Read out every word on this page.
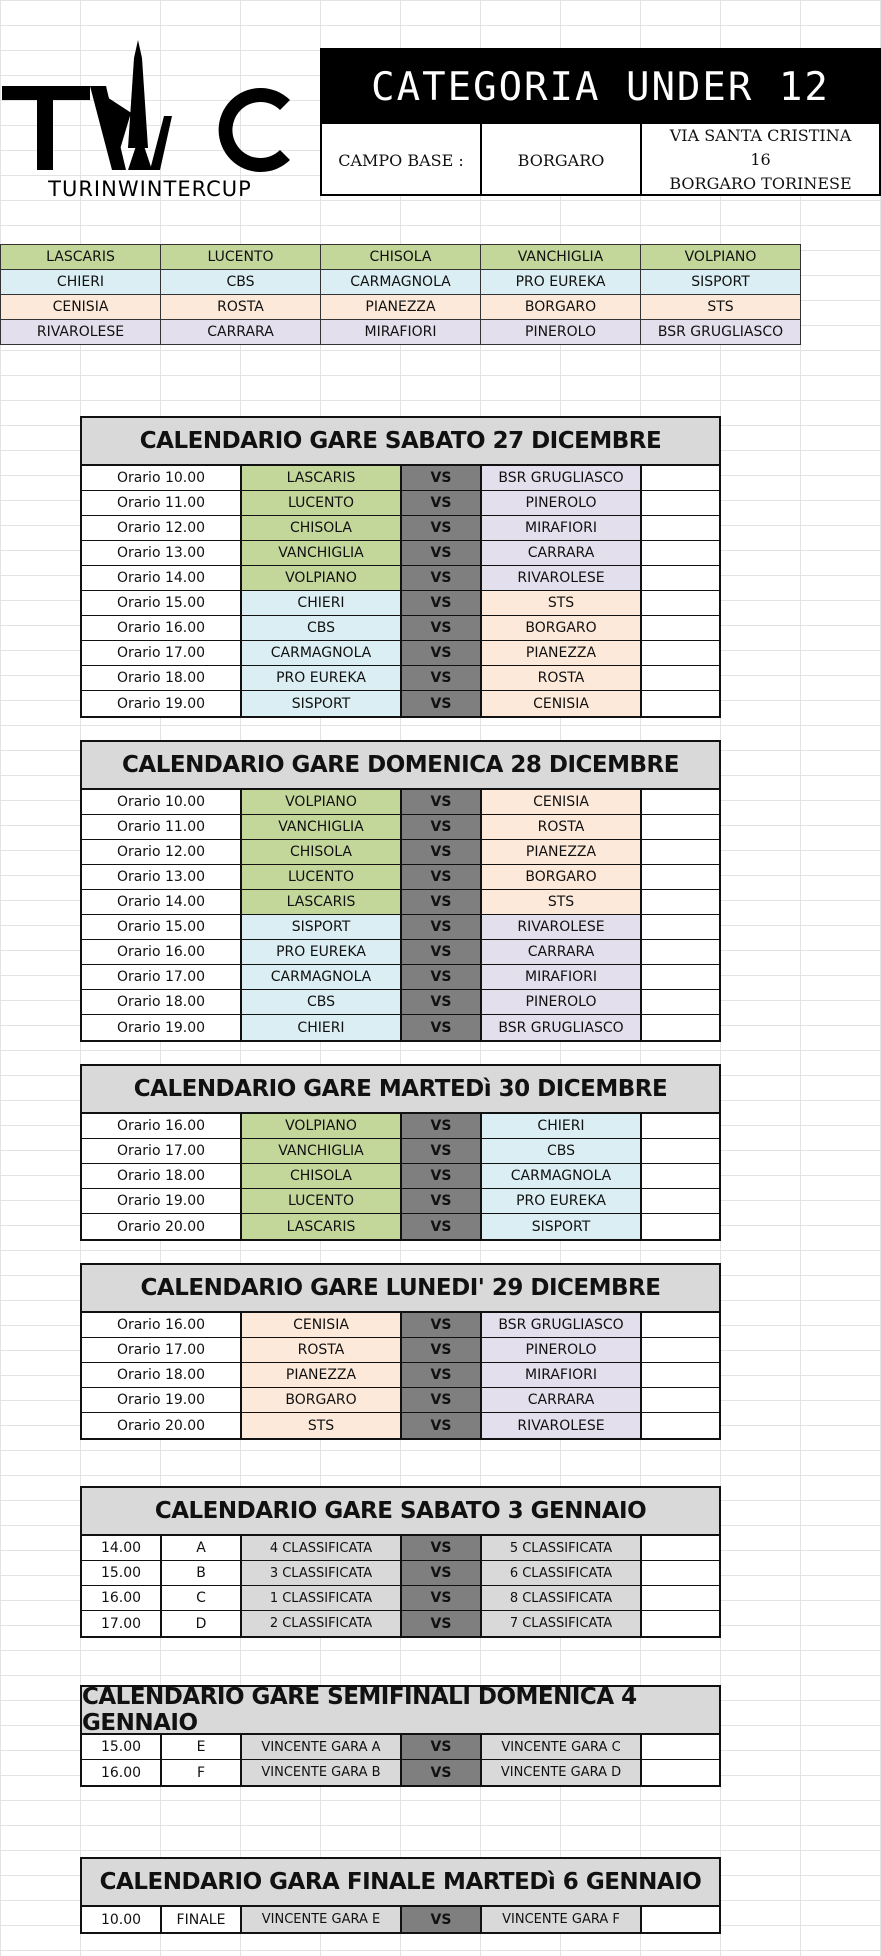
TURINWINTERCUP
CATEGORIA UNDER 12
CAMPO BASE :	BORGARO
VIA SANTA CRISTINA
16
BORGARO TORINESE
LASCARIS	LUCENTO	CHISOLA	VANCHIGLIA	VOLPIANO
CHIERI	CBS	CARMAGNOLA	PRO EUREKA	SISPORT
CENISIA	ROSTA	PIANEZZA	BORGARO	STS
RIVAROLESE	CARRARA	MIRAFIORI	PINEROLO	BSR GRUGLIASCO
CALENDARIO GARE SABATO 27 DICEMBRE
Orario 10.00	LASCARIS	VS	BSR GRUGLIASCO
Orario 11.00	LUCENTO	VS	PINEROLO
Orario 12.00	CHISOLA	VS	MIRAFIORI
Orario 13.00	VANCHIGLIA	VS	CARRARA
Orario 14.00	VOLPIANO	VS	RIVAROLESE
Orario 15.00	CHIERI	VS	STS
Orario 16.00	CBS	VS	BORGARO
Orario 17.00	CARMAGNOLA	VS	PIANEZZA
Orario 18.00	PRO EUREKA	VS	ROSTA
Orario 19.00	SISPORT	VS	CENISIA
CALENDARIO GARE DOMENICA 28 DICEMBRE
Orario 10.00	VOLPIANO	VS	CENISIA
Orario 11.00	VANCHIGLIA	VS	ROSTA
Orario 12.00	CHISOLA	VS	PIANEZZA
Orario 13.00	LUCENTO	VS	BORGARO
Orario 14.00	LASCARIS	VS	STS
Orario 15.00	SISPORT	VS	RIVAROLESE
Orario 16.00	PRO EUREKA	VS	CARRARA
Orario 17.00	CARMAGNOLA	VS	MIRAFIORI
Orario 18.00	CBS	VS	PINEROLO
Orario 19.00	CHIERI	VS	BSR GRUGLIASCO
CALENDARIO GARE MARTEDì 30 DICEMBRE
Orario 16.00	VOLPIANO	VS	CHIERI
Orario 17.00	VANCHIGLIA	VS	CBS
Orario 18.00	CHISOLA	VS	CARMAGNOLA
Orario 19.00	LUCENTO	VS	PRO EUREKA
Orario 20.00	LASCARIS	VS	SISPORT
CALENDARIO GARE LUNEDI' 29 DICEMBRE
Orario 16.00	CENISIA	VS	BSR GRUGLIASCO
Orario 17.00	ROSTA	VS	PINEROLO
Orario 18.00	PIANEZZA	VS	MIRAFIORI
Orario 19.00	BORGARO	VS	CARRARA
Orario 20.00	STS	VS	RIVAROLESE
CALENDARIO GARE SABATO 3 GENNAIO
14.00	A	4 CLASSIFICATA	VS	5 CLASSIFICATA
15.00	B	3 CLASSIFICATA	VS	6 CLASSIFICATA
16.00	C	1 CLASSIFICATA	VS	8 CLASSIFICATA
17.00	D	2 CLASSIFICATA	VS	7 CLASSIFICATA
CALENDARIO GARE SEMIFINALI DOMENICA 4 GENNAIO
15.00	E	VINCENTE GARA A	VS	VINCENTE GARA C
16.00	F	VINCENTE GARA B	VS	VINCENTE GARA D
CALENDARIO GARA FINALE MARTEDì 6 GENNAIO
10.00	FINALE	VINCENTE GARA E	VS	VINCENTE GARA F
